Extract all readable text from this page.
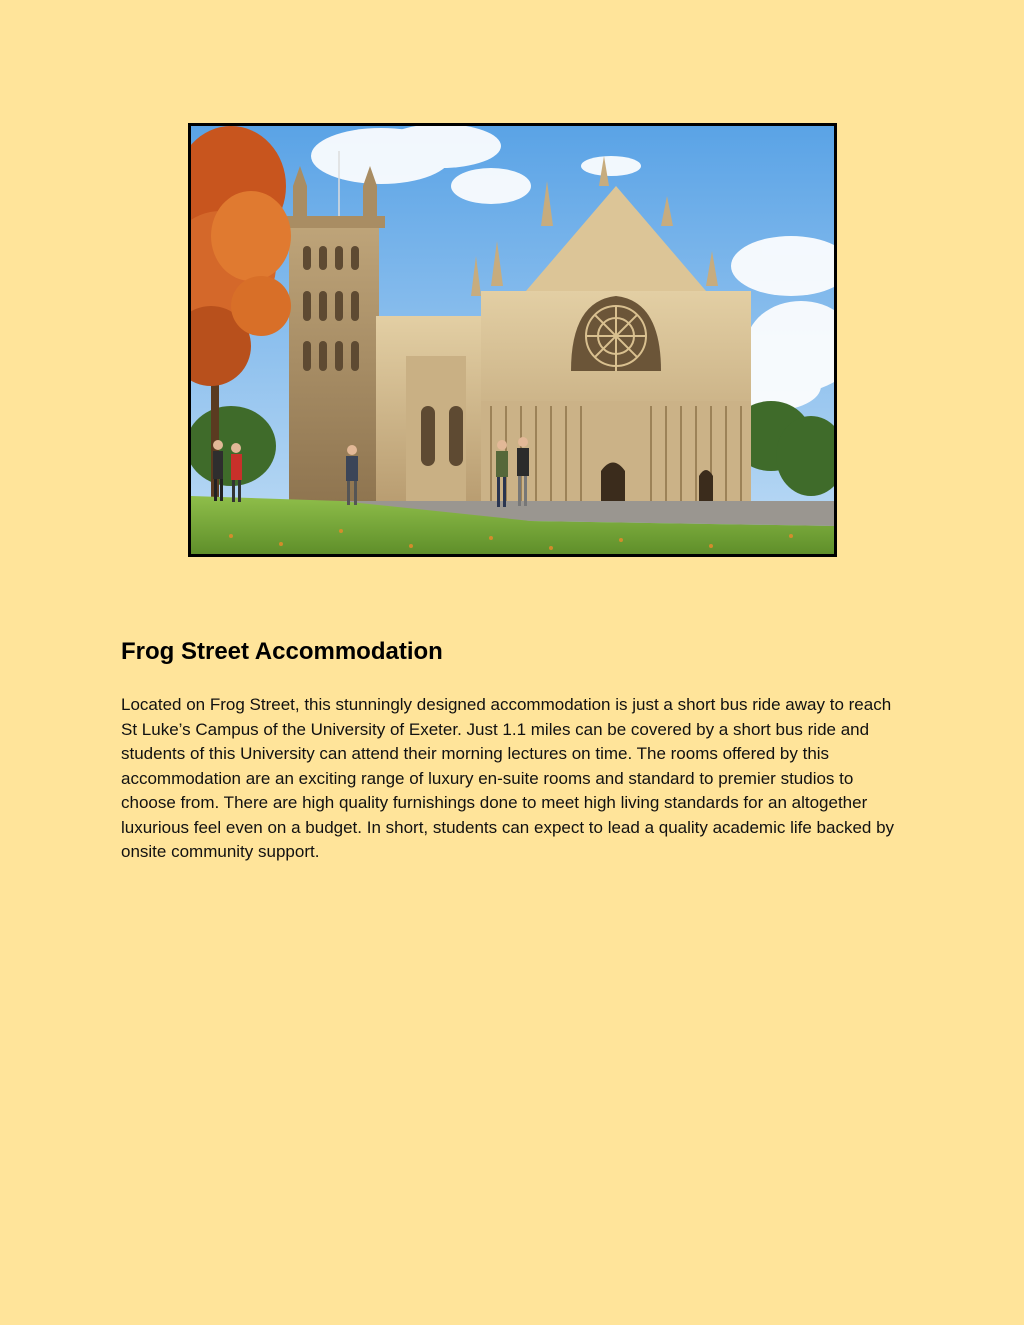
Frog Street Accommodation

Located on Frog Street, this stunningly designed accommodation is just a short bus ride away to reach St Luke’s Campus of the University of Exeter. Just 1.1 miles can be covered by a short bus ride and students of this University can attend their morning lectures on time. The rooms offered by this accommodation are an exciting range of luxury en-suite rooms and standard to premier studios to choose from. There are high quality furnishings done to meet high living standards for an altogether luxurious feel even on a budget. In short, students can expect to lead a quality academic life backed by onsite community support.
